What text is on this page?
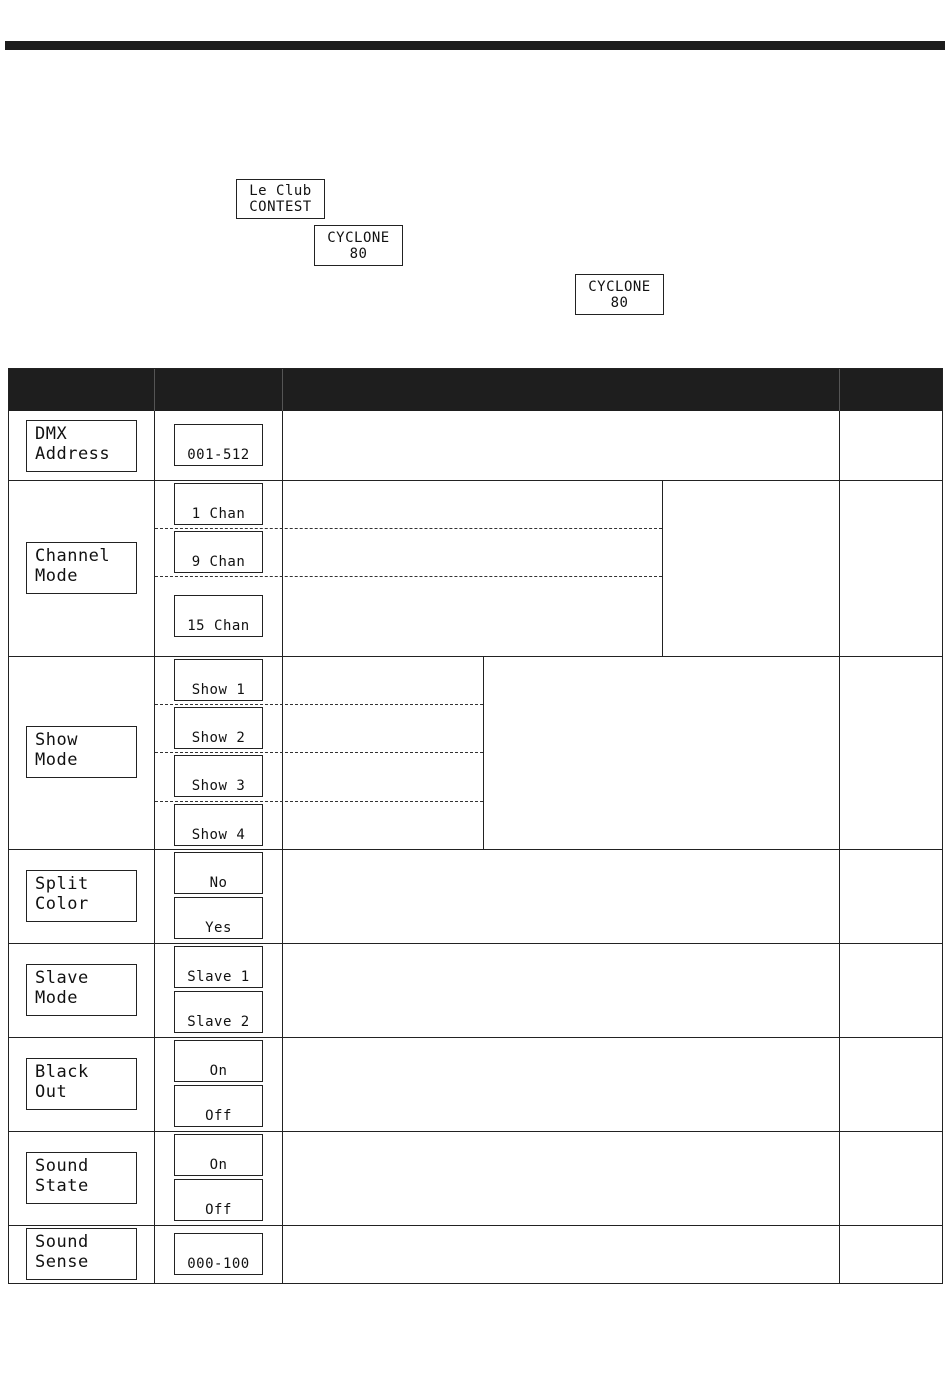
Le Club
CONTEST
CYCLONE
80
CYCLONE
80
DMX
Address	001-512
Channel
Mode
1 Chan
9 Chan
15 Chan
Show
Mode
Show 1
Show 2
Show 3
Show 4
Split
Color
No
Yes
Slave
Mode
Slave 1
Slave 2
Black
Out
On
Off
Sound
State
On
Off
Sound
Sense	000-100
